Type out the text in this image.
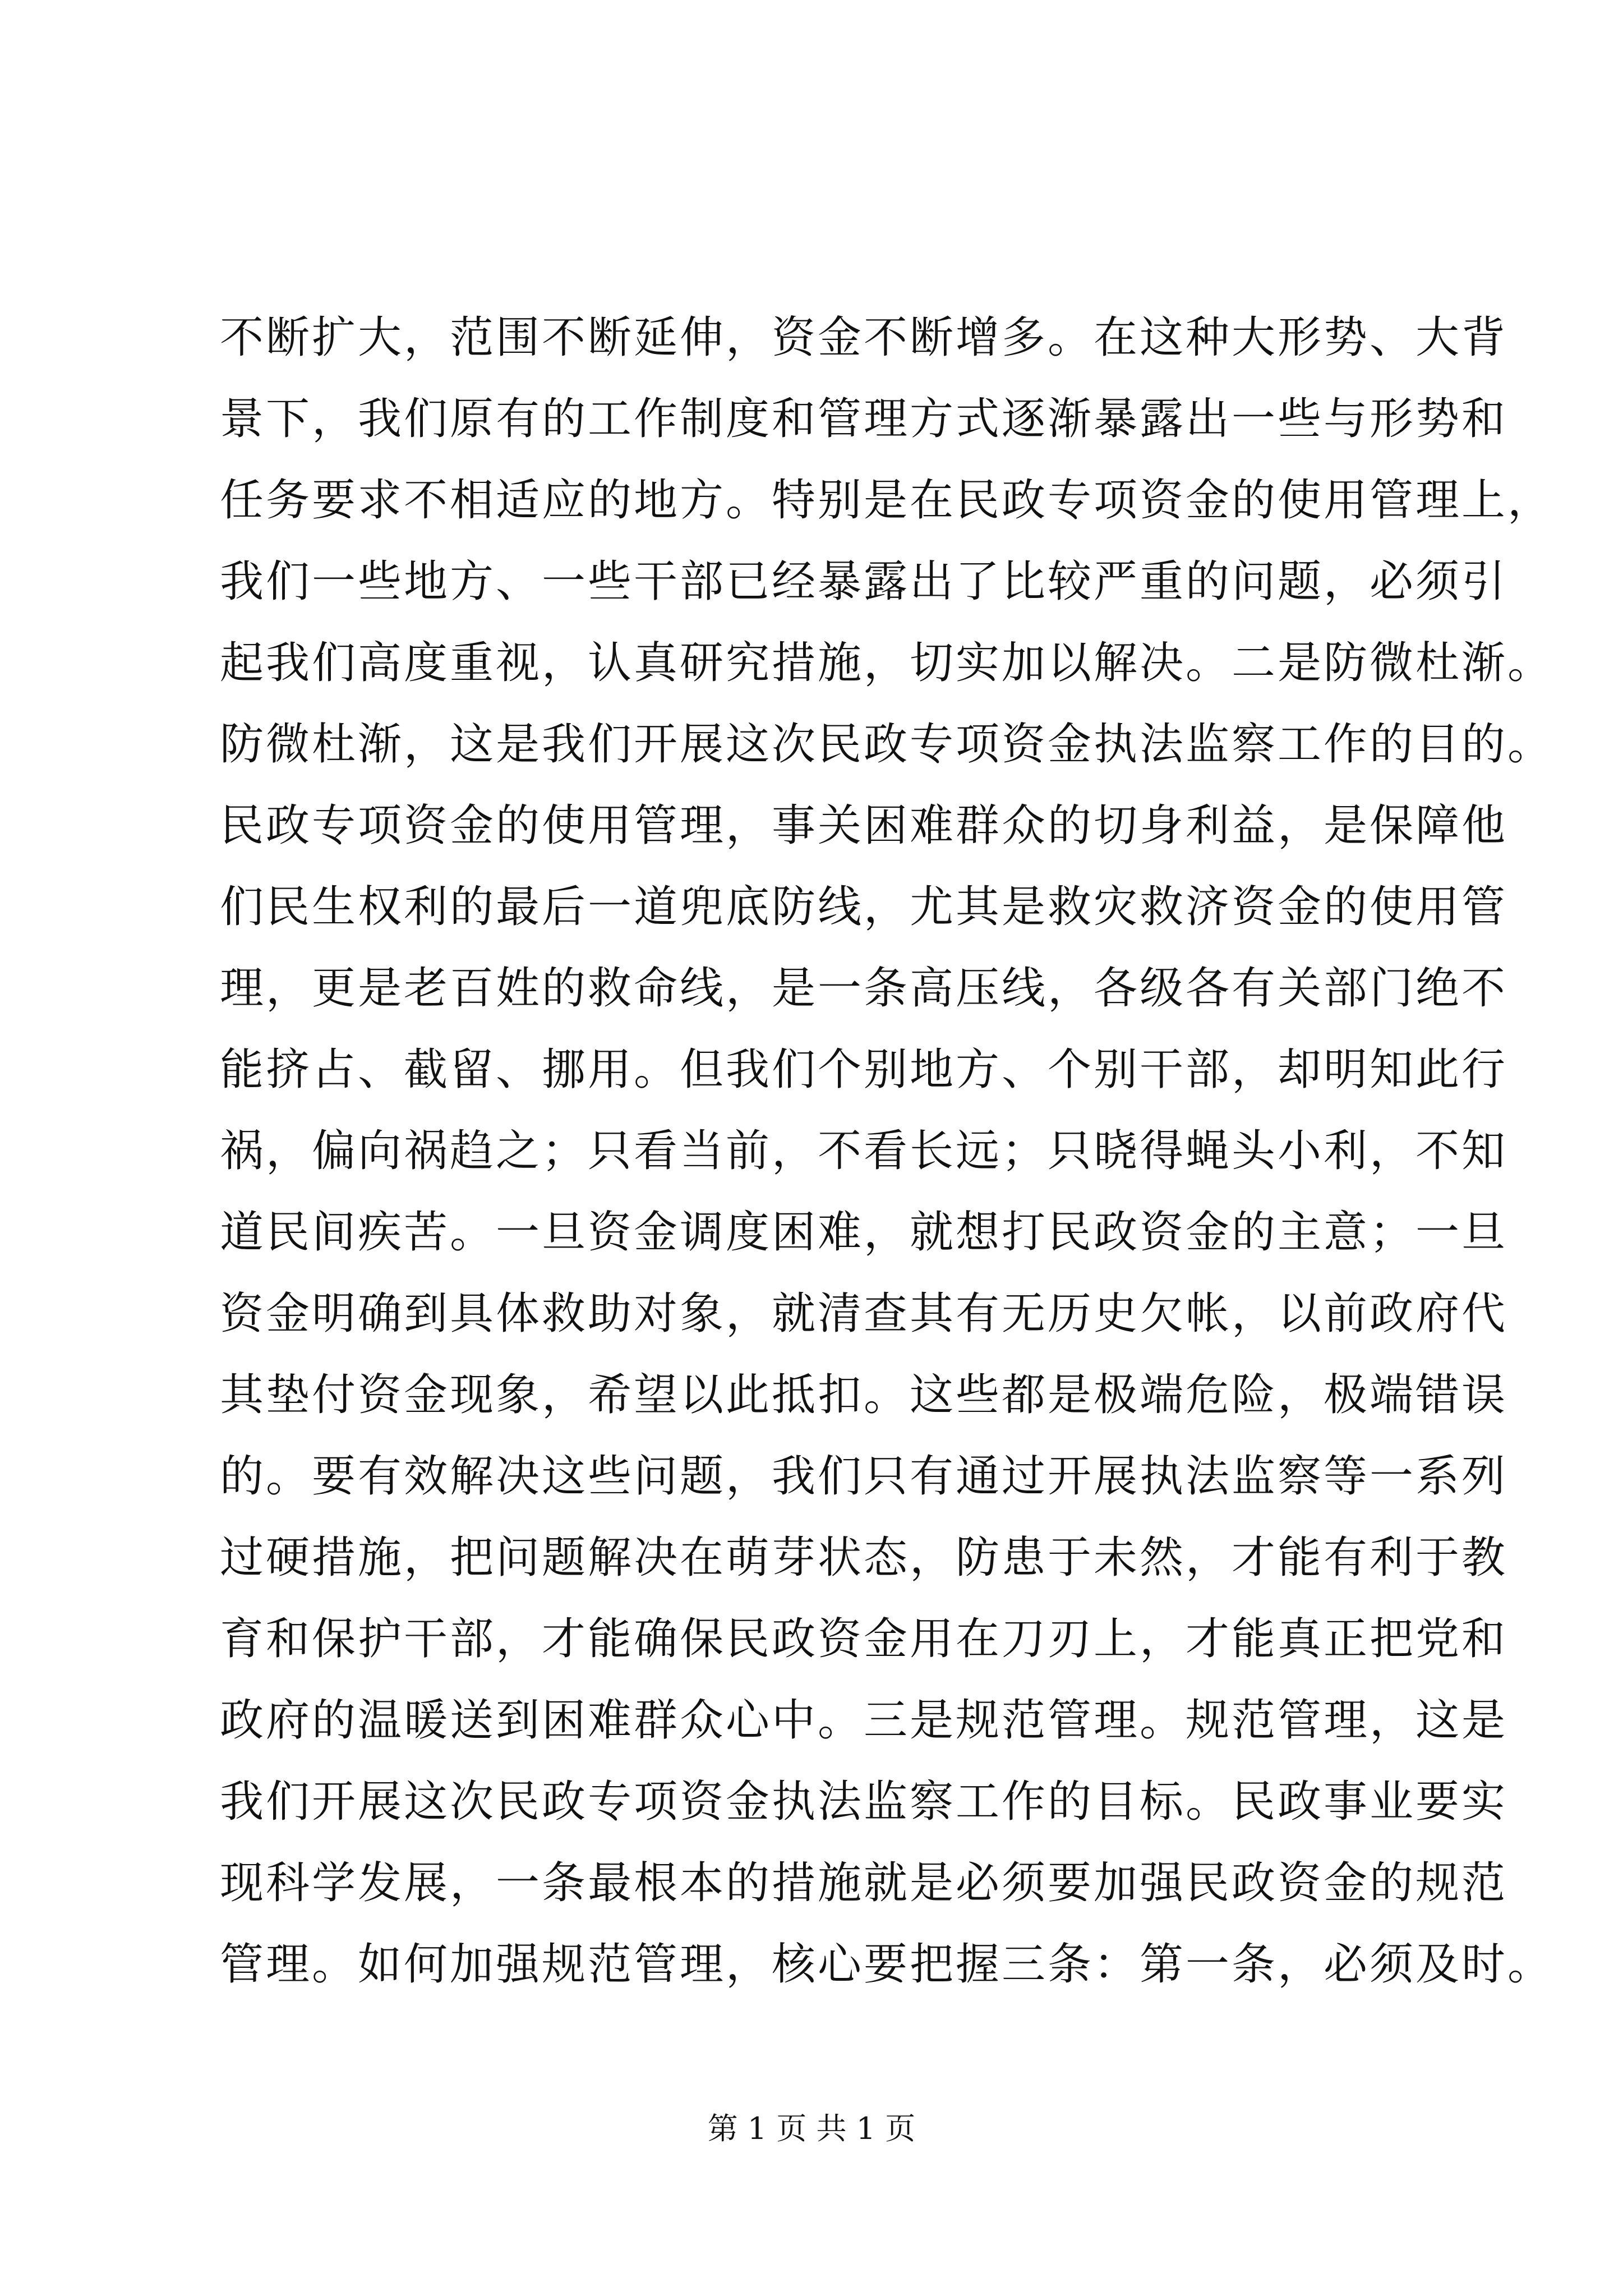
不断扩大，范围不断延伸，资金不断增多。在这种大形势、大背
景下，我们原有的工作制度和管理方式逐渐暴露出一些与形势和
任务要求不相适应的地方。特别是在民政专项资金的使用管理上，
我们一些地方、一些干部已经暴露出了比较严重的问题，必须引
起我们高度重视，认真研究措施，切实加以解决。二是防微杜渐。
防微杜渐，这是我们开展这次民政专项资金执法监察工作的目的。
民政专项资金的使用管理，事关困难群众的切身利益，是保障他
们民生权利的最后一道兜底防线，尤其是救灾救济资金的使用管
理，更是老百姓的救命线，是一条高压线，各级各有关部门绝不
能挤占、截留、挪用。但我们个别地方、个别干部，却明知此行
祸，偏向祸趋之；只看当前，不看长远；只晓得蝇头小利，不知
道民间疾苦。一旦资金调度困难，就想打民政资金的主意；一旦
资金明确到具体救助对象，就清查其有无历史欠帐，以前政府代
其垫付资金现象，希望以此抵扣。这些都是极端危险，极端错误
的。要有效解决这些问题，我们只有通过开展执法监察等一系列
过硬措施，把问题解决在萌芽状态，防患于未然，才能有利于教
育和保护干部，才能确保民政资金用在刀刃上，才能真正把党和
政府的温暖送到困难群众心中。三是规范管理。规范管理，这是
我们开展这次民政专项资金执法监察工作的目标。民政事业要实
现科学发展，一条最根本的措施就是必须要加强民政资金的规范
管理。如何加强规范管理，核心要把握三条：第一条，必须及时。
第 1 页 共 1 页
